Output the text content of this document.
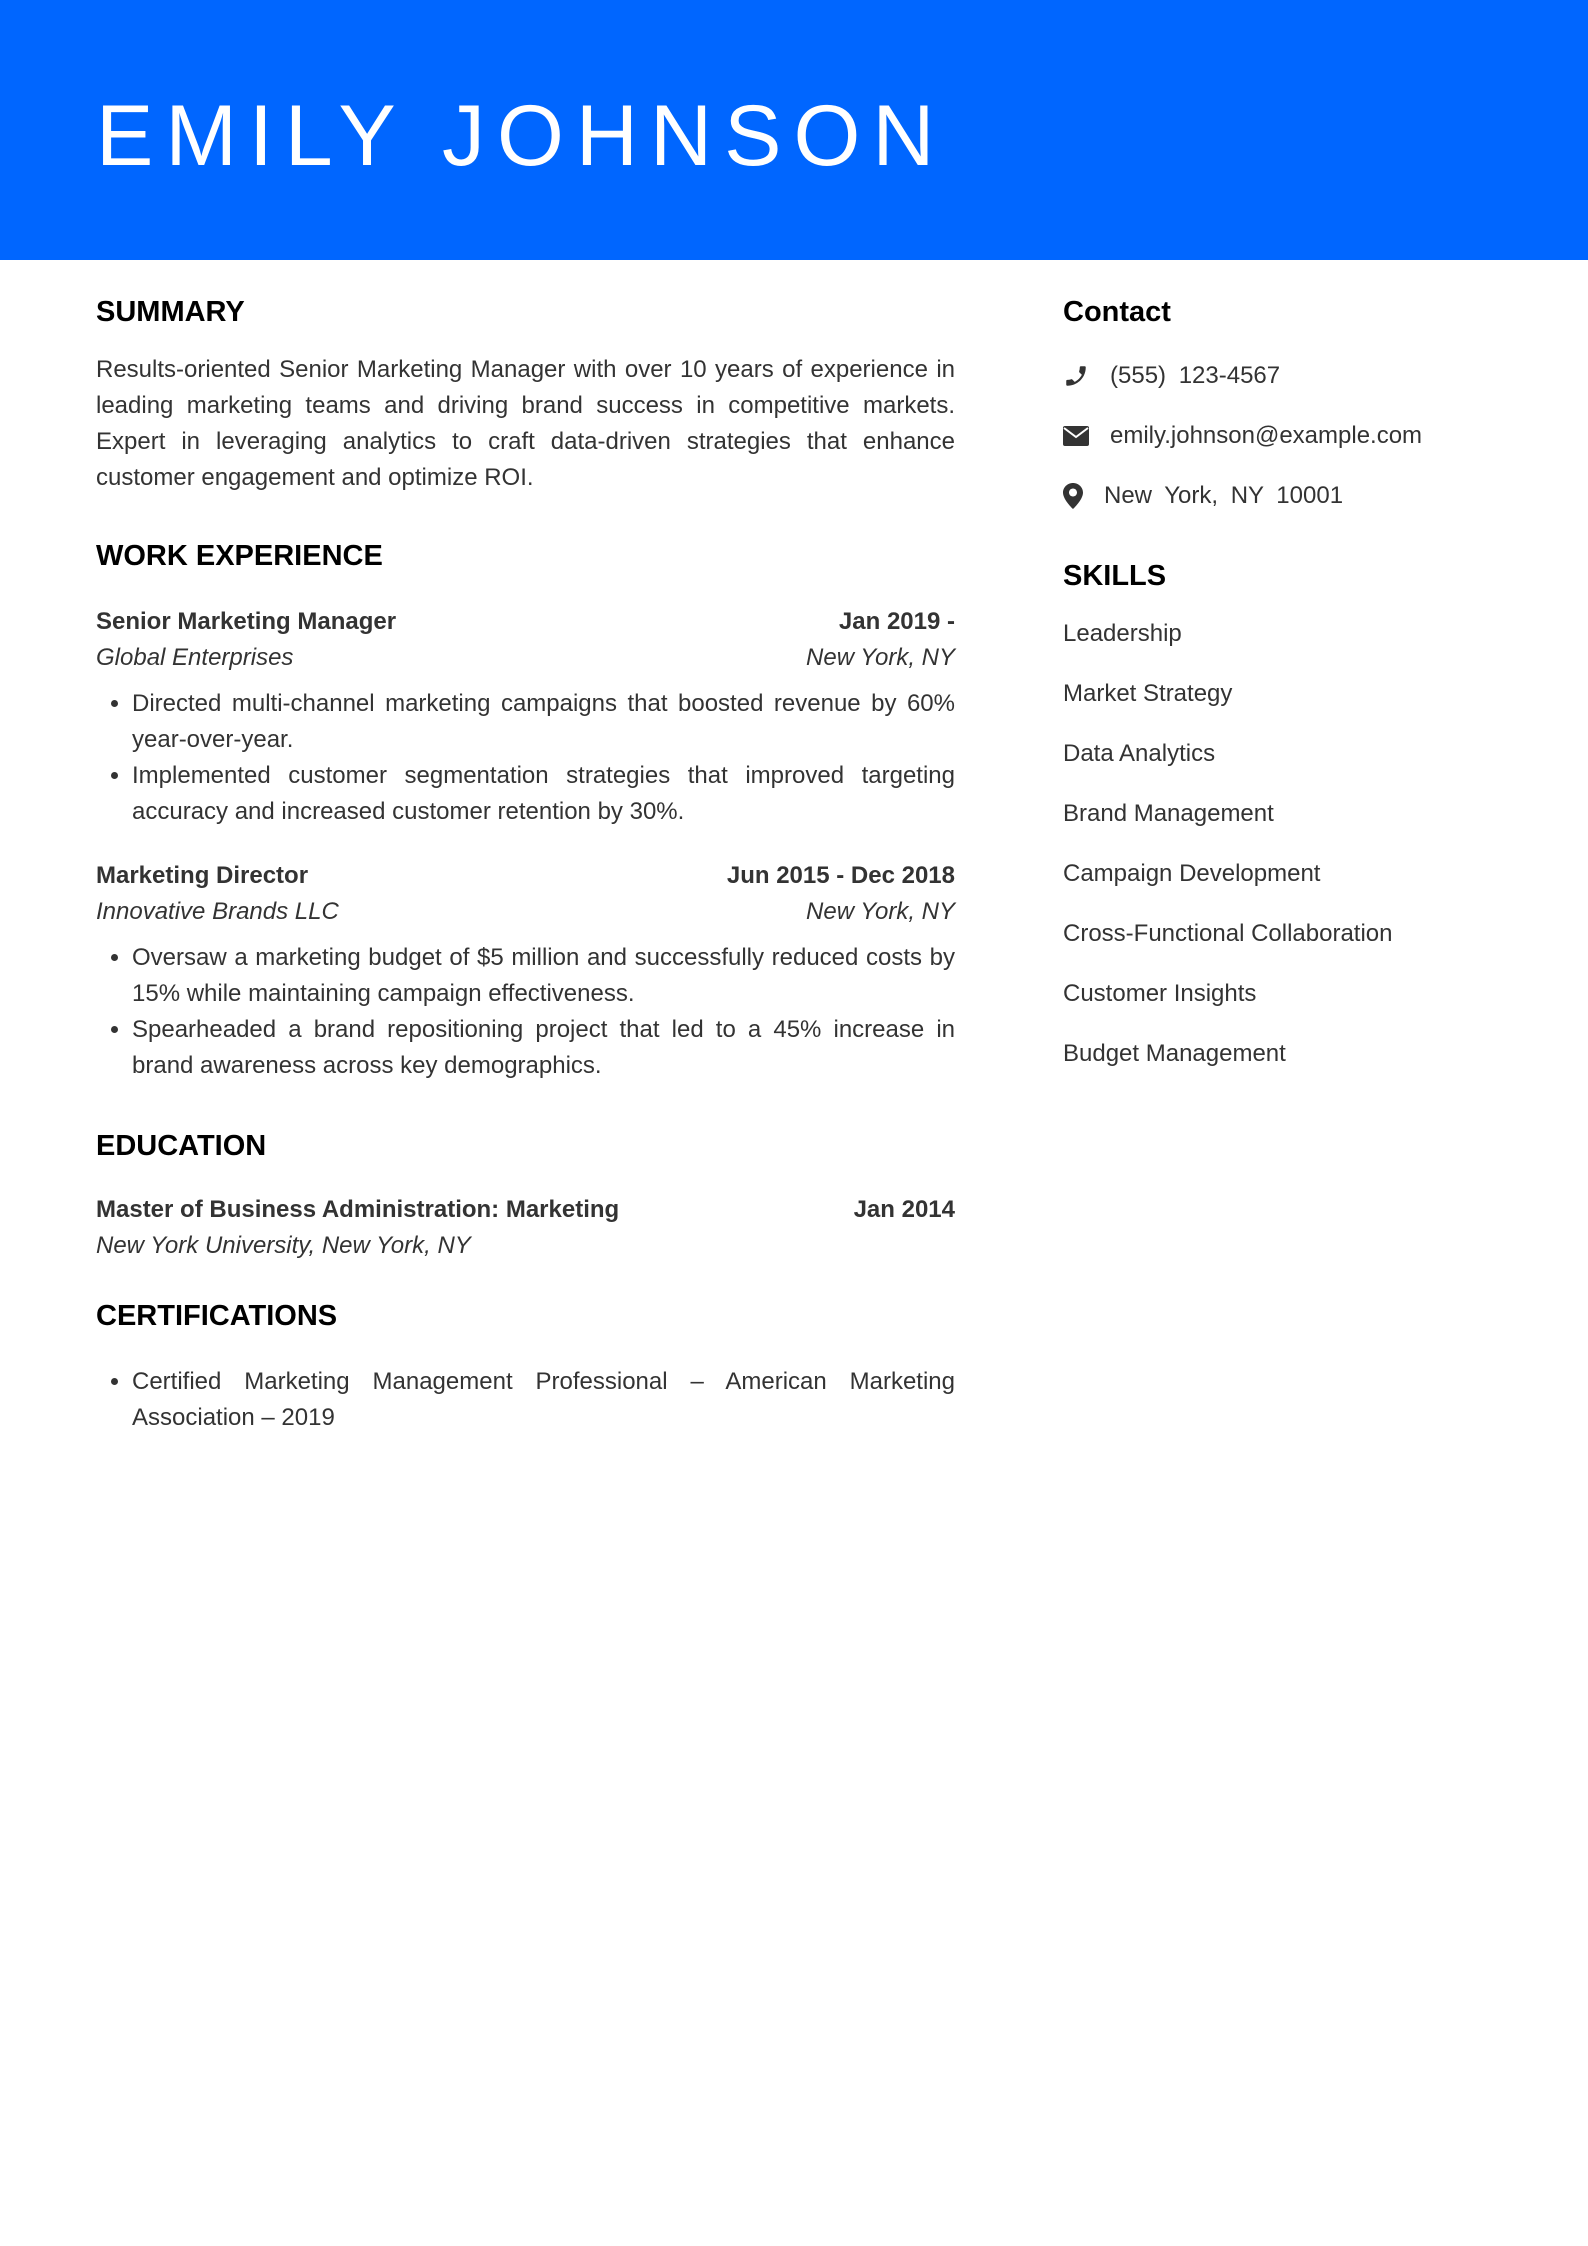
EMILY JOHNSON
SUMMARY

Results-oriented Senior Marketing Manager with over 10 years of experience in leading marketing teams and driving brand success in competitive markets. Expert in leveraging analytics to craft data-driven strategies that enhance customer engagement and optimize ROI.

WORK EXPERIENCE
Senior Marketing Manager	Jan 2019 -
Global Enterprises	New York, NY
• Directed multi-channel marketing campaigns that boosted revenue by 60% year-over-year.
• Implemented customer segmentation strategies that improved targeting accuracy and increased customer retention by 30%.
Marketing Director	Jun 2015 - Dec 2018
Innovative Brands LLC	New York, NY
• Oversaw a marketing budget of $5 million and successfully reduced costs by 15% while maintaining campaign effectiveness.
• Spearheaded a brand repositioning project that led to a 45% increase in brand awareness across key demographics.
EDUCATION
Master of Business Administration: Marketing	Jan 2014
New York University, New York, NY
CERTIFICATIONS
• Certified Marketing Management Professional – American Marketing Association – 2019
Contact
(555) 123-4567
emily.johnson@example.com
New York, NY 10001
SKILLS
Leadership
Market Strategy
Data Analytics
Brand Management
Campaign Development
Cross-Functional Collaboration
Customer Insights
Budget Management
